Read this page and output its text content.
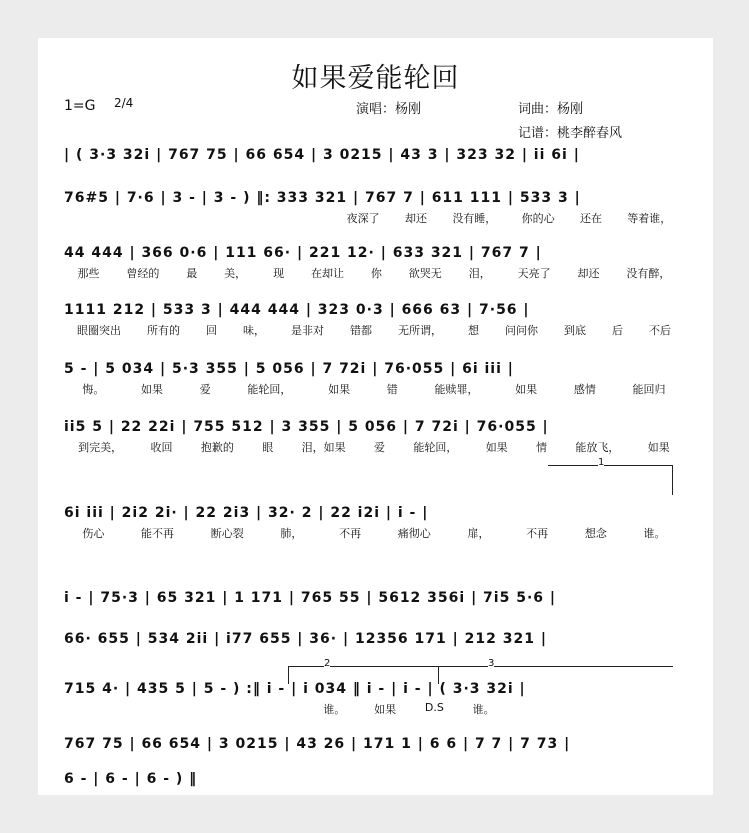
如果爱能轮回
1=G 2/4	演唱：杨刚	词曲：杨刚
记谱：桃李醉春风
1
2	3
| ( 3·3 32i | 767 75 | 66 654 | 3 0215 | 43 3 | 323 32 | ii 6i |
76#5 | 7·6 | 3 - | 3 - ) ‖: 333 321 | 767 7 | 611 111 | 533 3 |
夜深了 却还 没有睡， 你的心 还在 等着谁，
44 444 | 366 0·6 | 111 66· | 221 12· | 633 321 | 767 7 |
那些 曾经的 最 美， 现 在却让 你 欲哭无 泪， 天亮了 却还 没有醉，
1111 212 | 533 3 | 444 444 | 323 0·3 | 666 63 | 7·56 |
眼圈突出 所有的 回 味， 是非对 错都 无所谓， 想 问问你 到底 后 不后
5 - | 5 034 | 5·3 355 | 5 056 | 7 72i | 76·055 | 6i iii |
悔。	如果	爱	能轮回，	如果	错	能赎罪，	如果	感情	能回归
ii5 5 | 22 22i | 755 512 | 3 355 | 5 056 | 7 72i | 76·055 |
到完美，	收回	抱歉的	眼	泪，如果	爱	能轮回，	如果	情	能放飞，	如果
6i iii | 2i2 2i· | 22 2i3 | 32· 2 | 22 i2i | i - |
伤心	能不再	断心裂	肺，	不再	痛彻心	扉，	不再	想念	谁。
i - | 75·3 | 65 321 | 1 171 | 765 55 | 5612 356i | 7i5 5·6 |
66· 655 | 534 2ii | i77 655 | 36· | 12356 171 | 212 321 |
715 4· | 435 5 | 5 - ) :‖ i - | i 034 ‖ i - | i - | ( 3·3 32i |
谁。	如果	D.S	谁。
767 75 | 66 654 | 3 0215 | 43 26 | 171 1 | 6 6 | 7 7 | 7 73 |
6 - | 6 - | 6 - ) ‖
